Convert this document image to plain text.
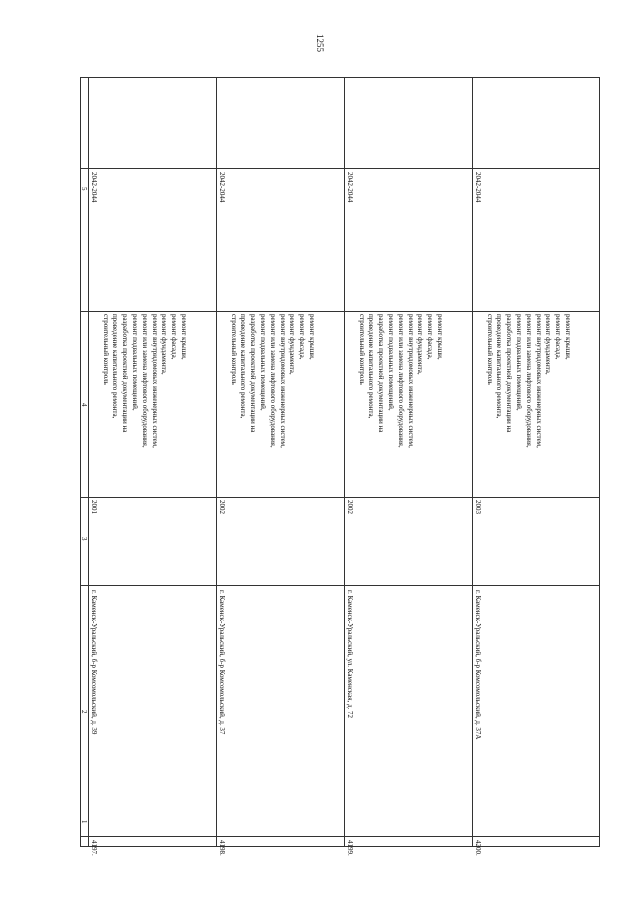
1255
1
2
3
4
5
4197.
г. Каменск-Уральский, б-р Комсомольский, д. 39
2001
ремонт крыши,
ремонт фасада,
ремонт фундамента,
ремонт внутридомовых инженерных систем,
ремонт или замена лифтового оборудования,
ремонт подвальных помещений,
разработка проектной документации на
проведение капитального ремонта,
строительный контроль
2042-2044
4198.
г. Каменск-Уральский, б-р Комсомольский, д. 37
2002
ремонт крыши,
ремонт фасада,
ремонт фундамента,
ремонт внутридомовых инженерных систем,
ремонт или замена лифтового оборудования,
ремонт подвальных помещений,
разработка проектной документации на
проведение капитального ремонта,
строительный контроль
2042-2044
4199.
г. Каменск-Уральский, ул. Каменская, д. 72
2002
ремонт крыши,
ремонт фасада,
ремонт фундамента,
ремонт внутридомовых инженерных систем,
ремонт или замена лифтового оборудования,
ремонт подвальных помещений,
разработка проектной документации на
проведение капитального ремонта,
строительный контроль
2042-2044
4200.
г. Каменск-Уральский, б-р Комсомольский, д. 37А
2003
ремонт крыши,
ремонт фасада,
ремонт фундамента,
ремонт внутридомовых инженерных систем,
ремонт или замена лифтового оборудования,
ремонт подвальных помещений,
разработка проектной документации на
проведение капитального ремонта,
строительный контроль
2042-2044
